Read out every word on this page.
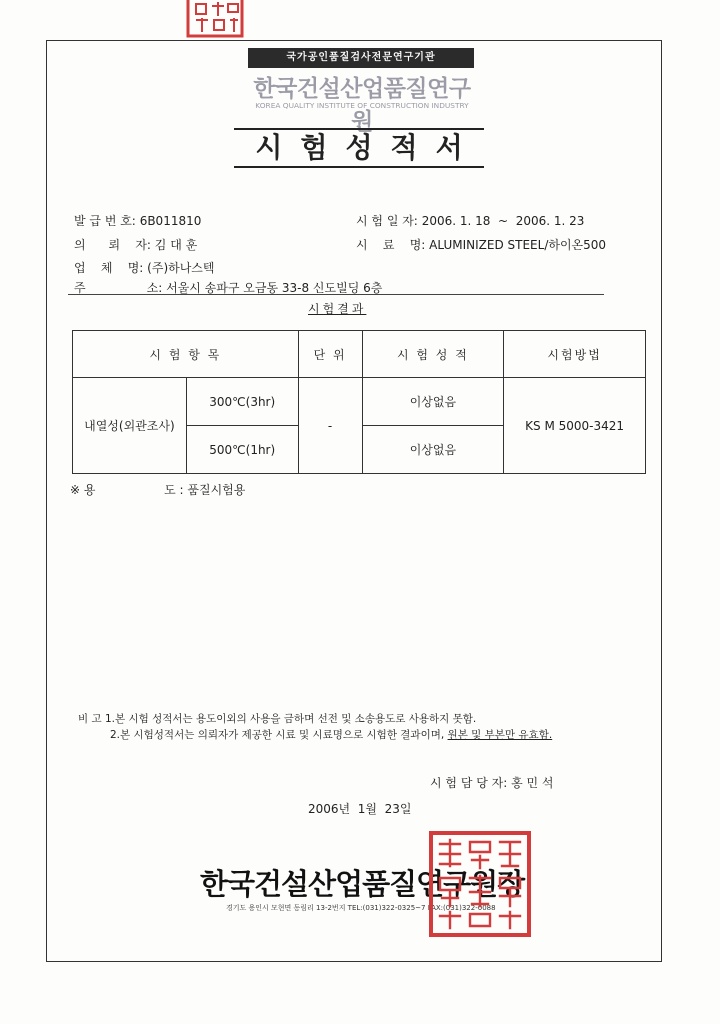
국가공인품질검사전문연구기관
한국건설산업품질연구원
KOREA QUALITY INSTITUTE OF CONSTRUCTION INDUSTRY
시험성적서
발 급 번 호: 6B011810
의      뢰    자: 김 대 훈
업    체    명: (주)하나스텍
주                소: 서울시 송파구 오금동 33-8 신도빌딩 6층
시 험 일 자: 2006. 1. 18  ~  2006. 1. 23
시    료    명: ALUMINIZED STEEL/하이온500
시험결과
시 험 항 목		단 위	시 험 성 적	시험방법
내열성(외관조사)	300℃(3hr)	-	이상없음	KS M 5000-3421
	500℃(1hr)		이상없음	
※ 용                  도 : 품질시험용
비 고 1.본 시험 성적서는 용도이외의 사용을 금하며 선전 및 소송용도로 사용하지 못함.
2.본 시험성적서는 의뢰자가 제공한 시료 및 시료명으로 시험한 결과이며, 원본 및 부본만 유효함.
시 험 담 당 자: 홍 민 석
2006년  1월  23일
한국건설산업품질연구원장
경기도 용인시 모현면 동림리 13-2번지 TEL:(031)322-0325~7 FAX:(031)322-0088
